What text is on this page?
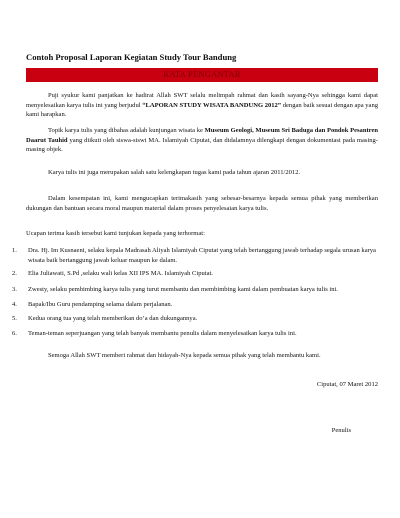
Contoh Proposal Laporan Kegiatan Study Tour Bandung
KATA PENGANTAR
Puji syukur kami panjatkan ke hadirat Allah SWT selalu melimpah rahmat dan kasih sayang-Nya sehingga kami dapat menyelesaikan karya tulis ini yang berjudul “LAPORAN STUDY WISATA BANDUNG 2012” dengan baik sesuai dengan apa yang kami harapkan.
Topik karya tulis yang dibahas adalah kunjungan wisata ke Museum Geologi, Museum Sri Baduga dan Pondok Pesantren Daarut Tauhid yang diikuti oleh siswa-siswi MA. Islamiyah Ciputat, dan didalamnya dilengkapi dengan dokumentasi pada masing-masing objek.
Karya tulis ini juga merupakan salah satu kelengkapan tugas kami pada tahun ajaran 2011/2012.
Dalam kesempatan ini, kami mengucapkan terimakasih yang sebesar-besarnya kepada semua pihak yang memberikan dukungan dan bantuan secara moral maupun material dalam proses penyelesaian karya tulis.
Ucapan terima kasih tersebut kami tunjukan kepada yang terhormat:
1. Dra. Hj. Im Kusnaeni, selaku kepala Madrasah Aliyah Islamiyah Ciputat yang telah bertanggung jawab terhadap segala urusan karya wisata baik bertanggung jawab keluar maupun ke dalam.
2. Elia Juliawati, S.Pd ,selaku wali kelas XII IPS MA. Islamiyah Ciputat.
3. Zwesty, selaku pembimbing karya tulis yang turut membantu dan membimbing kami dalam pembuatan karya tulis ini.
4. Bapak/Ibu Guru pendamping selama dalam perjalanan.
5. Kedua orang tua yang telah memberikan do’a dan dukungannya.
6. Teman-teman seperjuangan yang telah banyak membantu penulis dalam menyelesaikan karya tulis ini.
Semoga Allah SWT memberi rahmat dan hidayah-Nya kepada semua pihak yang telah membantu kami.
Ciputat, 07 Maret 2012
Penulis
